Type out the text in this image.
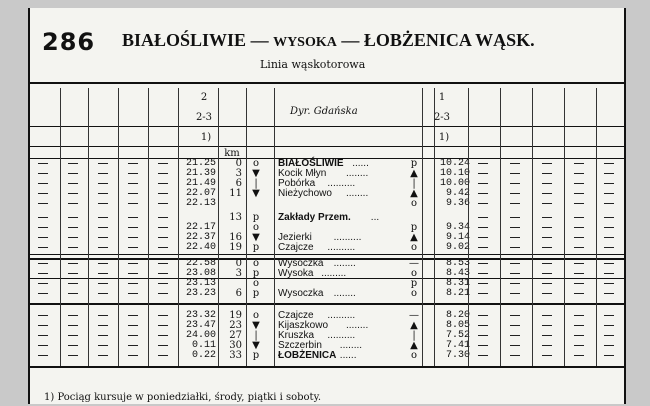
286 BIAŁOŚLIWIE — WYSOKA — ŁOBŻENICA WĄSK.
Linia wąskotorowa
2
2-3
1
2-3
Dyr. Gdańska
1)	1)
km
21.25	0 o BIAŁOŚLIWIE ......	p	10.24
21.39	3 ▼ Kocik Młyn ........	▲	10.10
21.49	6	|	Pobórka ..........	|	10.00
22.07	11 ▼ Nieżychowo ........	▲	9.42
22.13	o	9.36
13 p Zakłady Przem. ...
22.17	o	p	9.34
22.37	16 ▼ Jezierki ..........	▲	9.14
22.40	19 p Czajcze ..........	o	9.02
22.58	0 o Wysoczka ........	—	8.53
23.08	3 p Wysoka .........	o	8.43
23.13	o	p	8.31
23.23	6 p Wysoczka ........	o	8.21
23.32	19 o Czajcze ..........	—	8.20
23.47	23 ▼ Kijaszkowo ........	▲	8.05
24.00	27	|	Kruszka ..........	|	7.52
0.11	30 ▼ Szczerbin ........	▲	7.41
0.22	33 p ŁOBŻENICA ......	o	7.30
1) Pociąg kursuje w poniedziałki, środy, piątki i soboty.
